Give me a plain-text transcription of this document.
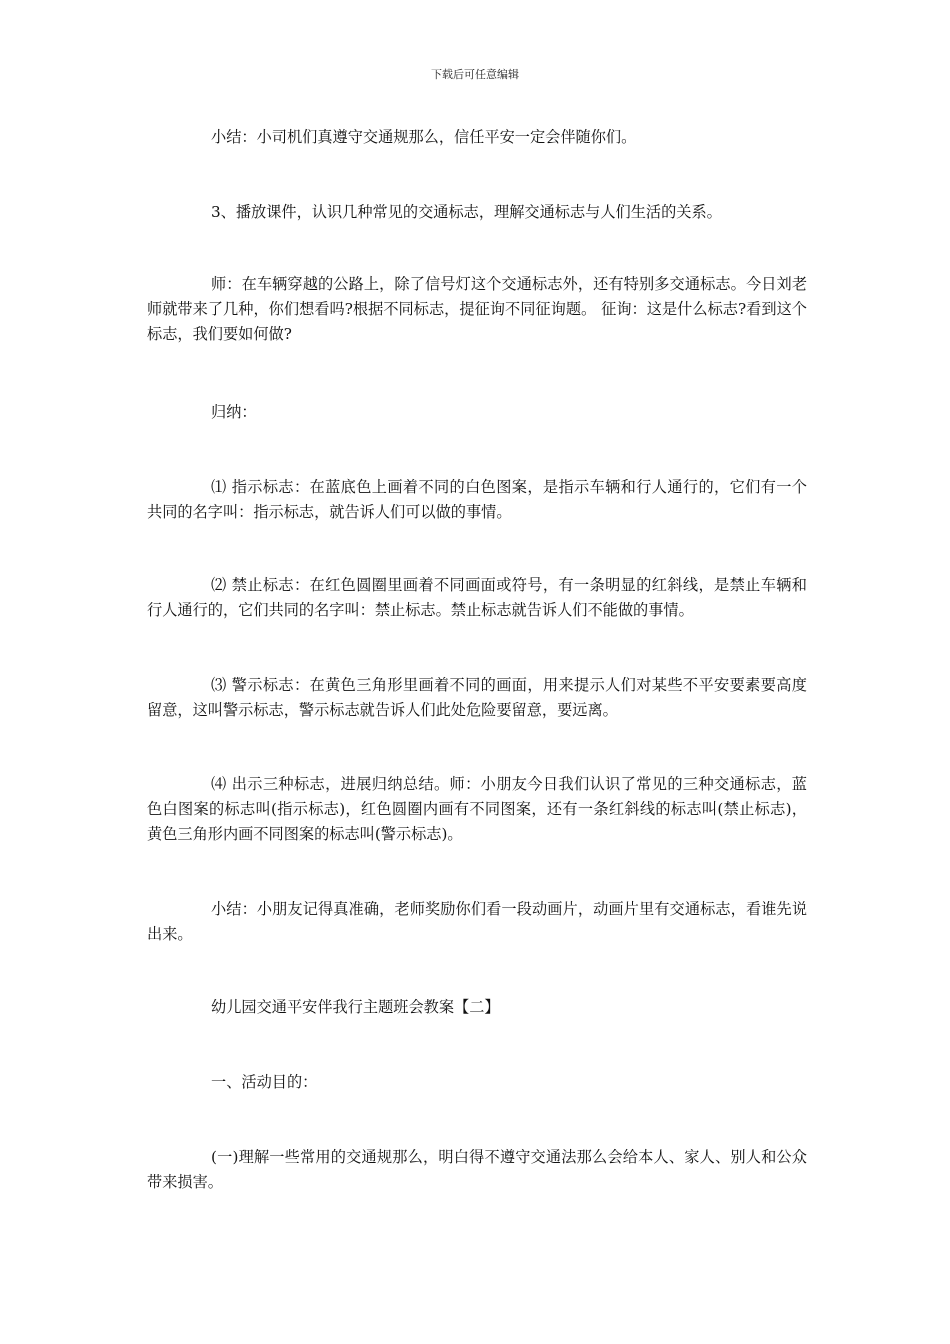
下载后可任意编辑

小结：小司机们真遵守交通规那么，信任平安一定会伴随你们。

3、播放课件，认识几种常见的交通标志，理解交通标志与人们生活的关系。

师：在车辆穿越的公路上，除了信号灯这个交通标志外，还有特别多交通标志。今日刘老师就带来了几种，你们想看吗?根据不同标志，提征询不同征询题。 征询：这是什么标志?看到这个标志，我们要如何做?

归纳：

⑴ 指示标志：在蓝底色上画着不同的白色图案，是指示车辆和行人通行的，它们有一个共同的名字叫：指示标志，就告诉人们可以做的事情。

⑵ 禁止标志：在红色圆圈里画着不同画面或符号，有一条明显的红斜线，是禁止车辆和行人通行的，它们共同的名字叫：禁止标志。禁止标志就告诉人们不能做的事情。

⑶ 警示标志：在黄色三角形里画着不同的画面，用来提示人们对某些不平安要素要高度留意，这叫警示标志，警示标志就告诉人们此处危险要留意，要远离。

⑷ 出示三种标志，进展归纳总结。师：小朋友今日我们认识了常见的三种交通标志，蓝色白图案的标志叫(指示标志)，红色圆圈内画有不同图案，还有一条红斜线的标志叫(禁止标志)，黄色三角形内画不同图案的标志叫(警示标志)。

小结：小朋友记得真准确，老师奖励你们看一段动画片，动画片里有交通标志，看谁先说出来。

幼儿园交通平安伴我行主题班会教案【二】

一、活动目的：

(一)理解一些常用的交通规那么，明白得不遵守交通法那么会给本人、家人、别人和公众带来损害。
